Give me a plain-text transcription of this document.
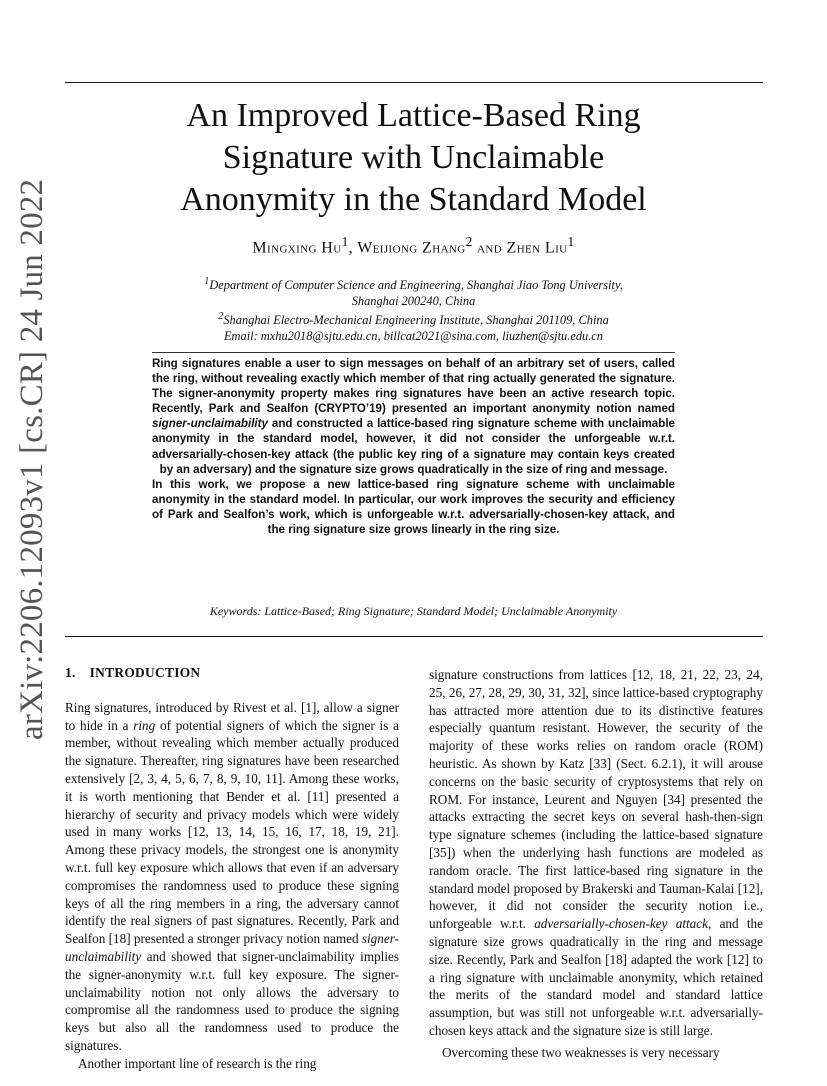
arXiv:2206.12093v1 [cs.CR] 24 Jun 2022
An Improved Lattice-Based Ring
Signature with Unclaimable
Anonymity in the Standard Model
Mingxing Hu$^1$, Weijiong Zhang$^2$ and Zhen Liu$^1$
$^1$Department of Computer Science and Engineering, Shanghai Jiao Tong University,
Shanghai 200240, China
$^2$Shanghai Electro-Mechanical Engineering Institute, Shanghai 201109, China
Email: mxhu2018@sjtu.edu.cn, billcat2021@sina.com, liuzhen@sjtu.edu.cn

Ring signatures enable a user to sign messages on behalf of an arbitrary set of users, called the ring, without revealing exactly which member of that ring actually generated the signature. The signer-anonymity property makes ring signatures have been an active research topic. Recently, Park and Sealfon (CRYPTO’19) presented an important anonymity notion named signer-unclaimability and constructed a lattice-based ring signature scheme with unclaimable anonymity in the standard model, however, it did not consider the unforgeable w.r.t. adversarially-chosen-key attack (the public key ring of a signature may contain keys created by an adversary) and the signature size grows quadratically in the size of ring and message.

In this work, we propose a new lattice-based ring signature scheme with unclaimable anonymity in the standard model. In particular, our work improves the security and efficiency of Park and Sealfon’s work, which is unforgeable w.r.t. adversarially-chosen-key attack, and the ring signature size grows linearly in the ring size.

Keywords: Lattice-Based; Ring Signature; Standard Model; Unclaimable Anonymity
1. INTRODUCTION

Ring signatures, introduced by Rivest et al. [1], allow a signer to hide in a ring of potential signers of which the signer is a member, without revealing which member actually produced the signature. Thereafter, ring signatures have been researched extensively [2, 3, 4, 5, 6, 7, 8, 9, 10, 11]. Among these works, it is worth mentioning that Bender et al. [11] presented a hierarchy of security and privacy models which were widely used in many works [12, 13, 14, 15, 16, 17, 18, 19, 21]. Among these privacy models, the strongest one is anonymity w.r.t. full key exposure which allows that even if an adversary compromises the randomness used to produce these signing keys of all the ring members in a ring, the adversary cannot identify the real signers of past signatures. Recently, Park and Sealfon [18] presented a stronger privacy notion named signer-unclaimability and showed that signer-unclaimability implies the signer-anonymity w.r.t. full key exposure. The signer-unclaimability notion not only allows the adversary to compromise all the randomness used to produce the signing keys but also all the randomness used to produce the signatures.

Another important line of research is the ring

signature constructions from lattices [12, 18, 21, 22, 23, 24, 25, 26, 27, 28, 29, 30, 31, 32], since lattice-based cryptography has attracted more attention due to its distinctive features especially quantum resistant. However, the security of the majority of these works relies on random oracle (ROM) heuristic. As shown by Katz [33] (Sect. 6.2.1), it will arouse concerns on the basic security of cryptosystems that rely on ROM. For instance, Leurent and Nguyen [34] presented the attacks extracting the secret keys on several hash-then-sign type signature schemes (including the lattice-based signature [35]) when the underlying hash functions are modeled as random oracle. The first lattice-based ring signature in the standard model proposed by Brakerski and Tauman-Kalai [12], however, it did not consider the security notion i.e., unforgeable w.r.t. adversarially-chosen-key attack, and the signature size grows quadratically in the ring and message size. Recently, Park and Sealfon [18] adapted the work [12] to a ring signature with unclaimable anonymity, which retained the merits of the standard model and standard lattice assumption, but was still not unforgeable w.r.t. adversarially-chosen keys attack and the signature size is still large.

Overcoming these two weaknesses is very necessary
